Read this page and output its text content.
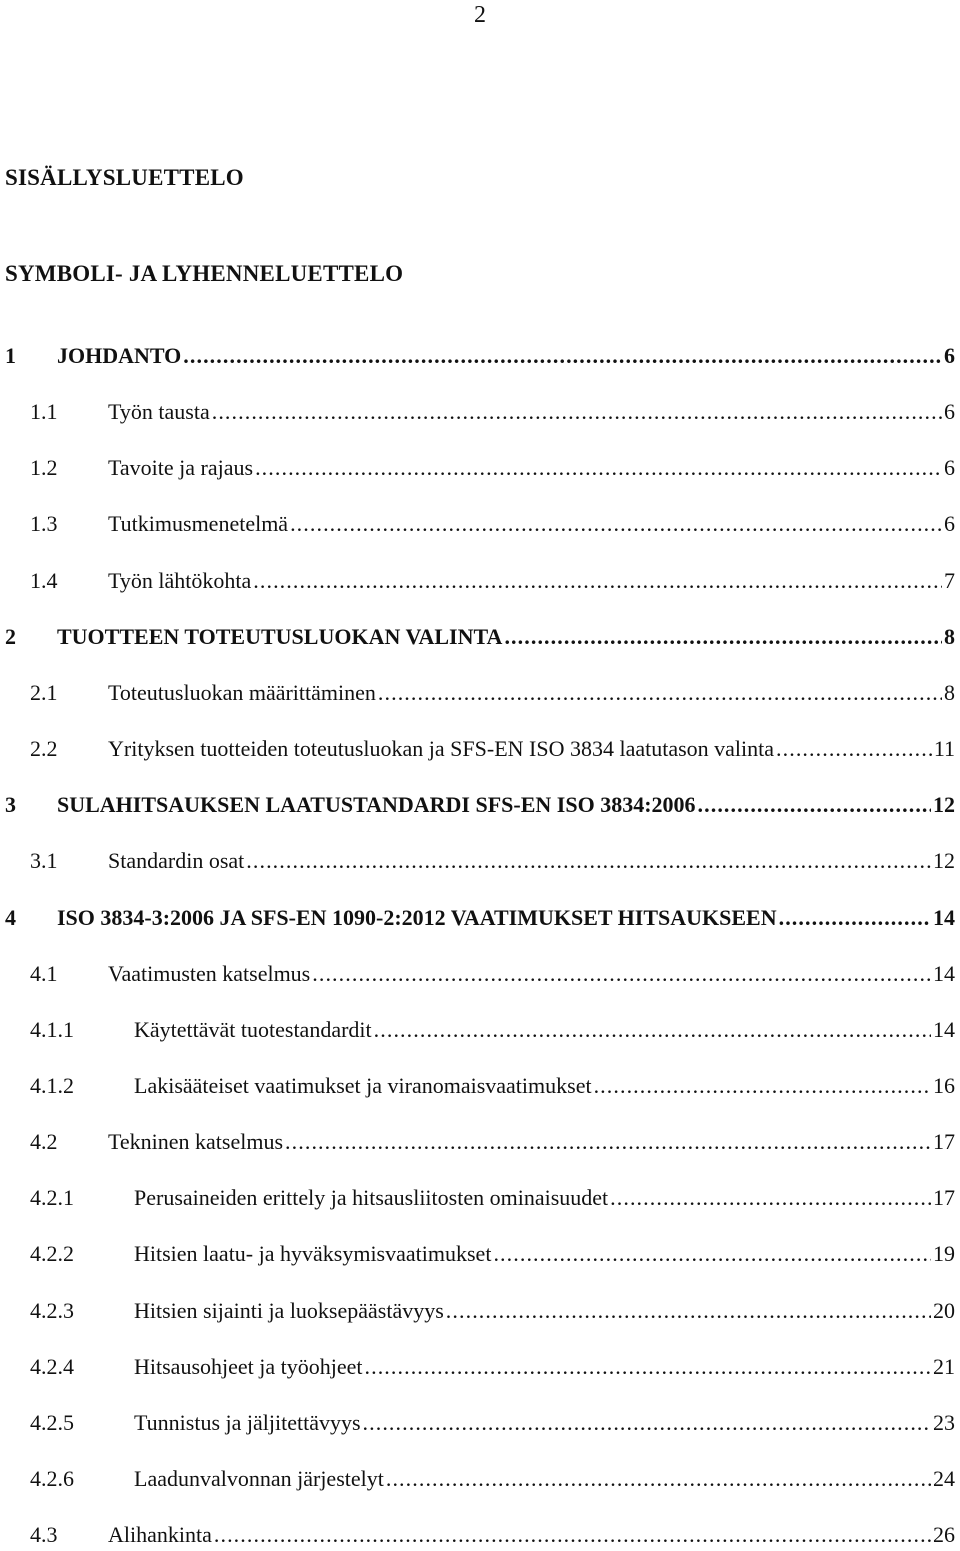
2
SISÄLLYSLUETTELO
SYMBOLI- JA LYHENNELUETTELO
1 JOHDANTO . . .	6
1.1 Työn tausta . . .	6
1.2 Tavoite ja rajaus . . .	6
1.3 Tutkimusmenetelmä . . .	6
1.4 Työn lähtökohta . . .	7
2 TUOTTEEN TOTEUTUSLUOKAN VALINTA . . .	8
2.1 Toteutusluokan määrittäminen . . .	8
2.2 Yrityksen tuotteiden toteutusluokan ja SFS-EN ISO 3834 laatutason valinta . . .	11
3 SULAHITSAUKSEN LAATUSTANDARDI SFS-EN ISO 3834:2006 . . .	12
3.1 Standardin osat . . .	12
4 ISO 3834-3:2006 JA SFS-EN 1090-2:2012 VAATIMUKSET HITSAUKSEEN . . .	14
4.1 Vaatimusten katselmus . . .	14
4.1.1	Käytettävät tuotestandardit . . .	14
4.1.2	Lakisääteiset vaatimukset ja viranomaisvaatimukset . . .	16
4.2 Tekninen katselmus . . .	17
4.2.1	Perusaineiden erittely ja hitsausliitosten ominaisuudet . . .	17
4.2.2	Hitsien laatu- ja hyväksymisvaatimukset . . .	19
4.2.3	Hitsien sijainti ja luoksepäästävyys . . .	20
4.2.4	Hitsausohjeet ja työohjeet . . .	21
4.2.5	Tunnistus ja jäljitettävyys . . .	23
4.2.6	Laadunvalvonnan järjestelyt . . .	24
4.3 Alihankinta . . .	26
